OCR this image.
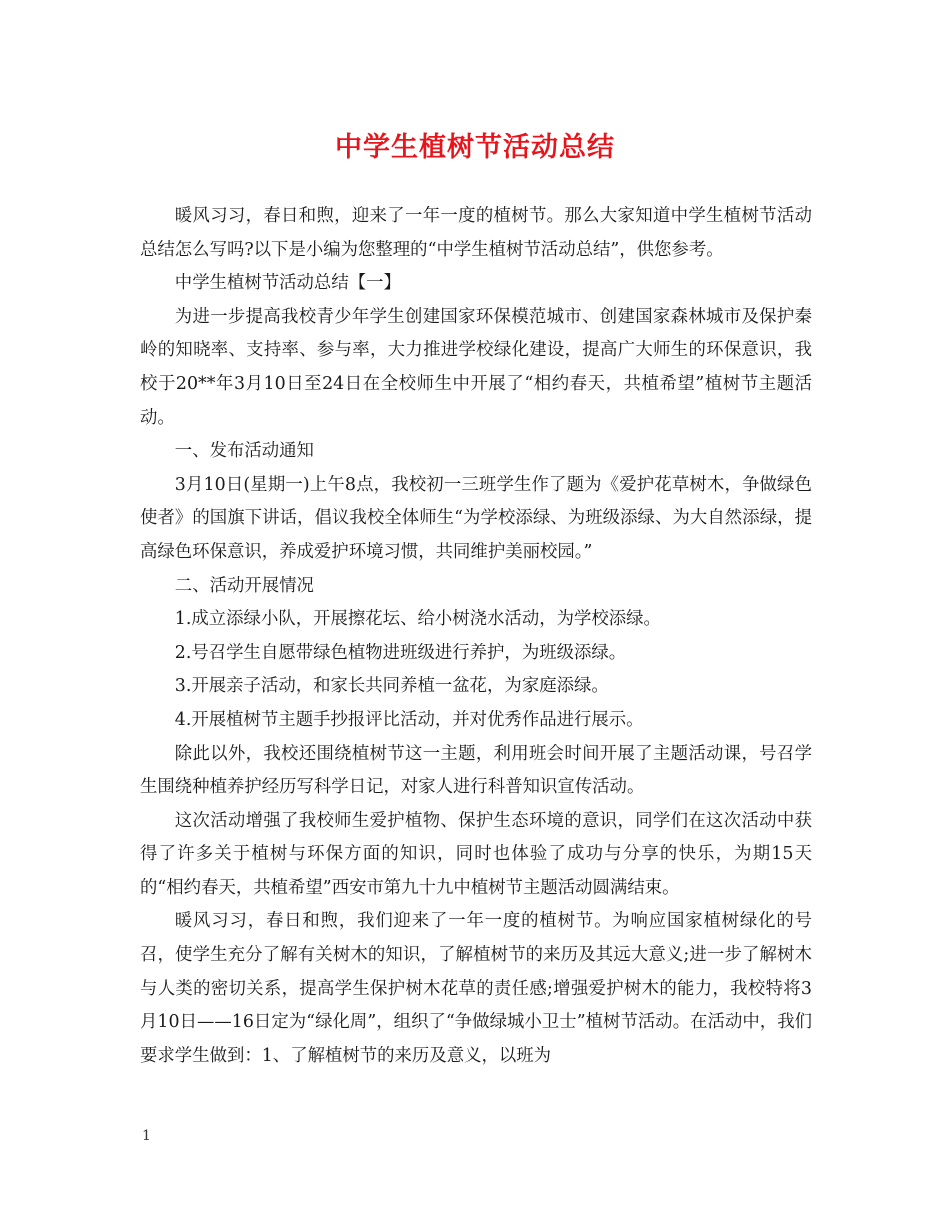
中学生植树节活动总结

暖风习习，春日和煦，迎来了一年一度的植树节。那么大家知道中学生植树节活动总结怎么写吗?以下是小编为您整理的“中学生植树节活动总结”，供您参考。

中学生植树节活动总结【一】

为进一步提高我校青少年学生创建国家环保模范城市、创建国家森林城市及保护秦岭的知晓率、支持率、参与率，大力推进学校绿化建设，提高广大师生的环保意识，我校于20**年3月10日至24日在全校师生中开展了“相约春天，共植希望”植树节主题活动。

一、发布活动通知

3月10日(星期一)上午8点，我校初一三班学生作了题为《爱护花草树木，争做绿色使者》的国旗下讲话，倡议我校全体师生“为学校添绿、为班级添绿、为大自然添绿，提高绿色环保意识，养成爱护环境习惯，共同维护美丽校园。”

二、活动开展情况

1.成立添绿小队，开展擦花坛、给小树浇水活动，为学校添绿。

2.号召学生自愿带绿色植物进班级进行养护，为班级添绿。

3.开展亲子活动，和家长共同养植一盆花，为家庭添绿。

4.开展植树节主题手抄报评比活动，并对优秀作品进行展示。

除此以外，我校还围绕植树节这一主题，利用班会时间开展了主题活动课，号召学生围绕种植养护经历写科学日记，对家人进行科普知识宣传活动。

这次活动增强了我校师生爱护植物、保护生态环境的意识，同学们在这次活动中获得了许多关于植树与环保方面的知识，同时也体验了成功与分享的快乐，为期15天的“相约春天，共植希望”西安市第九十九中植树节主题活动圆满结束。

暖风习习，春日和煦，我们迎来了一年一度的植树节。为响应国家植树绿化的号召，使学生充分了解有关树木的知识，了解植树节的来历及其远大意义;进一步了解树木与人类的密切关系，提高学生保护树木花草的责任感;增强爱护树木的能力，我校特将3月10日——16日定为“绿化周”，组织了“争做绿城小卫士”植树节活动。在活动中，我们要求学生做到：1、了解植树节的来历及意义，以班为

1
